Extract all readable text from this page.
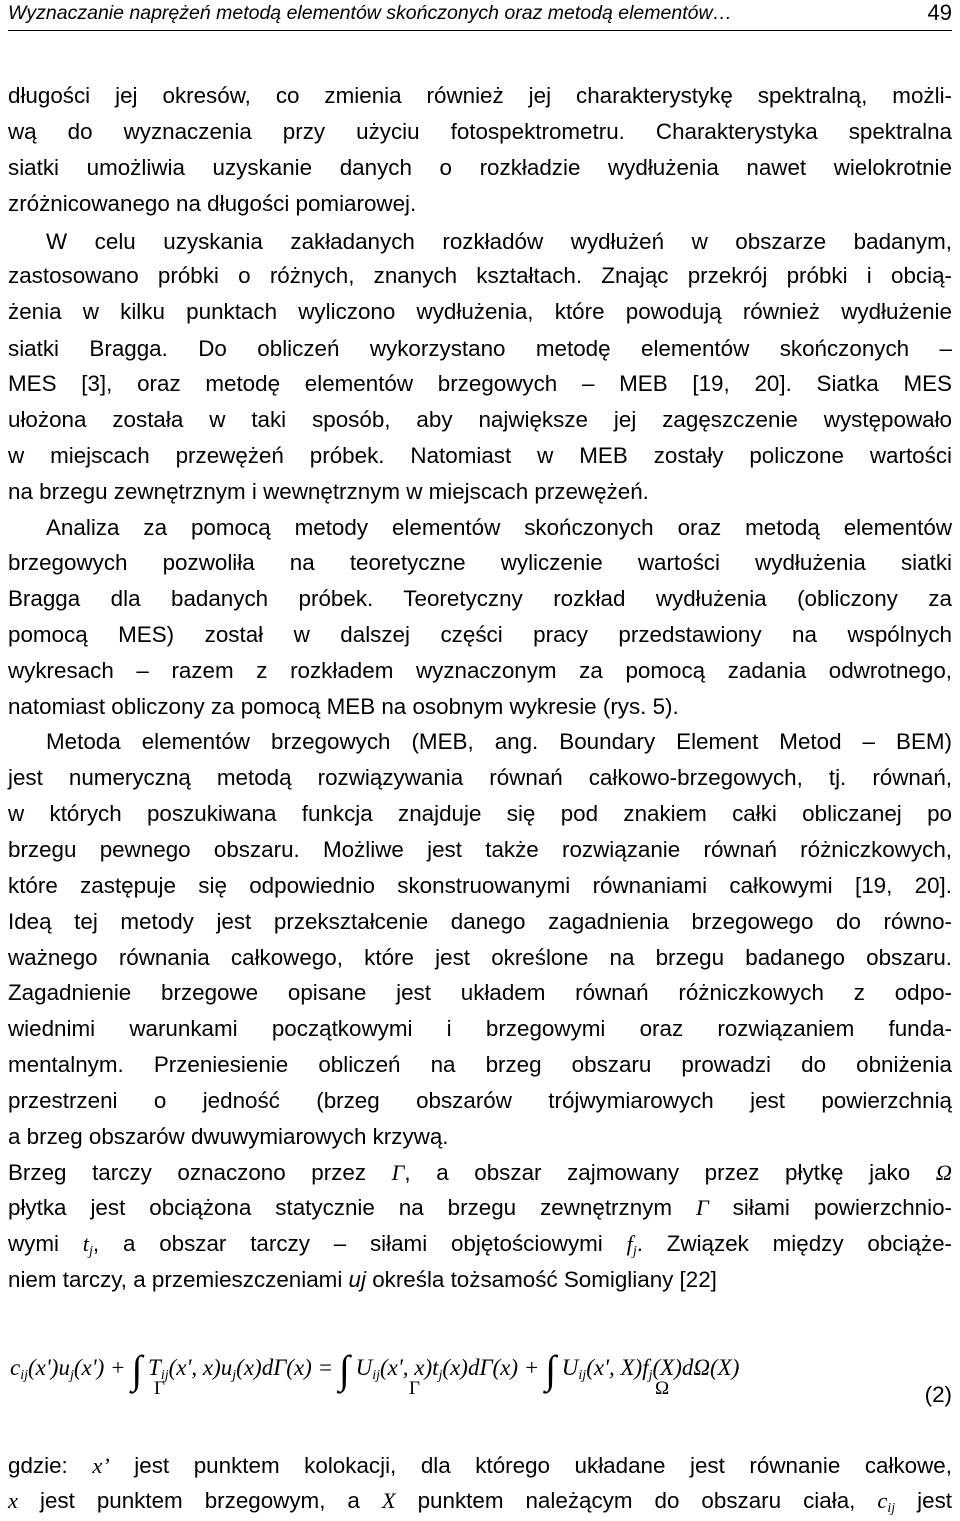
Wyznaczanie naprężeń metodą elementów skończonych oraz metodą elementów…	49
długości jej okresów, co zmienia również jej charakterystykę spektralną, możli-
wą do wyznaczenia przy użyciu fotospektrometru. Charakterystyka spektralna
siatki umożliwia uzyskanie danych o rozkładzie wydłużenia nawet wielokrotnie
zróżnicowanego na długości pomiarowej.
W celu uzyskania zakładanych rozkładów wydłużeń w obszarze badanym,
zastosowano próbki o różnych, znanych kształtach. Znając przekrój próbki i obcią-
żenia w kilku punktach wyliczono wydłużenia, które powodują również wydłużenie
siatki Bragga. Do obliczeń wykorzystano metodę elementów skończonych –
MES [3], oraz metodę elementów brzegowych – MEB [19, 20]. Siatka MES
ułożona została w taki sposób, aby największe jej zagęszczenie występowało
w miejscach przewężeń próbek. Natomiast w MEB zostały policzone wartości
na brzegu zewnętrznym i wewnętrznym w miejscach przewężeń.
Analiza za pomocą metody elementów skończonych oraz metodą elementów
brzegowych pozwoliła na teoretyczne wyliczenie wartości wydłużenia siatki
Bragga dla badanych próbek. Teoretyczny rozkład wydłużenia (obliczony za
pomocą MES) został w dalszej części pracy przedstawiony na wspólnych
wykresach – razem z rozkładem wyznaczonym za pomocą zadania odwrotnego,
natomiast obliczony za pomocą MEB na osobnym wykresie (rys. 5).
Metoda elementów brzegowych (MEB, ang. Boundary Element Metod – BEM)
jest numeryczną metodą rozwiązywania równań całkowo-brzegowych, tj. równań,
w których poszukiwana funkcja znajduje się pod znakiem całki obliczanej po
brzegu pewnego obszaru. Możliwe jest także rozwiązanie równań różniczkowych,
które zastępuje się odpowiednio skonstruowanymi równaniami całkowymi [19, 20].
Ideą tej metody jest przekształcenie danego zagadnienia brzegowego do równo-
ważnego równania całkowego, które jest określone na brzegu badanego obszaru.
Zagadnienie brzegowe opisane jest układem równań różniczkowych z odpo-
wiednimi warunkami początkowymi i brzegowymi oraz rozwiązaniem funda-
mentalnym. Przeniesienie obliczeń na brzeg obszaru prowadzi do obniżenia
przestrzeni o jedność (brzeg obszarów trójwymiarowych jest powierzchnią
a brzeg obszarów dwuwymiarowych krzywą.
Brzeg tarczy oznaczono przez Γ, a obszar zajmowany przez płytkę jako Ω
płytka jest obciążona statycznie na brzegu zewnętrznym Γ siłami powierzchnio-
wymi $t_j$, a obszar tarczy – siłami objętościowymi $f_j$. Związek między obciąże-
niem tarczy, a przemieszczeniami uj określa tożsamość Somigliany [22]
$c_{ij}(x')u_j(x')$ + ∫ $T_{ij}(x'$, $x)u_j(x)d\Gamma(x)$ = ∫ $U_{ij}(x'$, $x)t_j(x)d\Gamma(x)$ + ∫ $U_{ij}(x'$, $X)f_j(X)d\Omega(X)$
Γ	Γ	Ω	(2)
gdzie: x’ jest punktem kolokacji, dla którego układane jest równanie całkowe,
x jest punktem brzegowym, a X punktem należącym do obszaru ciała, $c_{ij}$ jest
